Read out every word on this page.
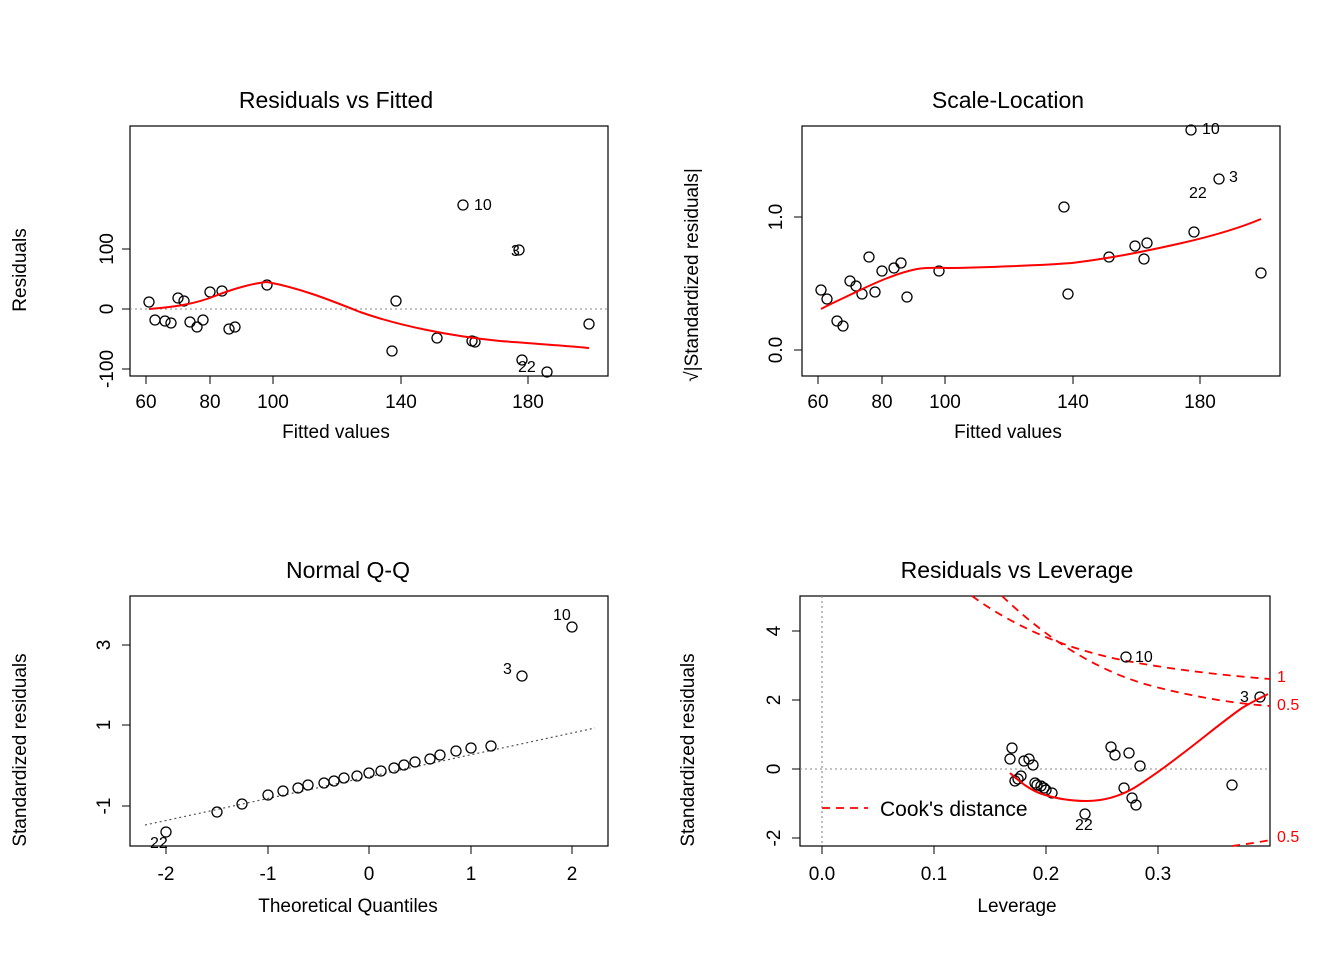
Residuals vs Fitted
Residuals
Fitted values
60 80 100	140	180
-100
0
100
10
3
22
Scale-Location
√|Standardized residuals|
Fitted values
60 80 100	140	180
0.0
1.0
10
3
22
Normal Q-Q
Standardized residuals
Theoretical Quantiles
-2	-1	0	1	2
-1
1
3
22
3
10
Residuals vs Leverage
Standardized residuals
Leverage
0.0	0.1	0.2	0.3
-2
0
2
4
1
0.5
0.5
10
3
22
Cook's distance
